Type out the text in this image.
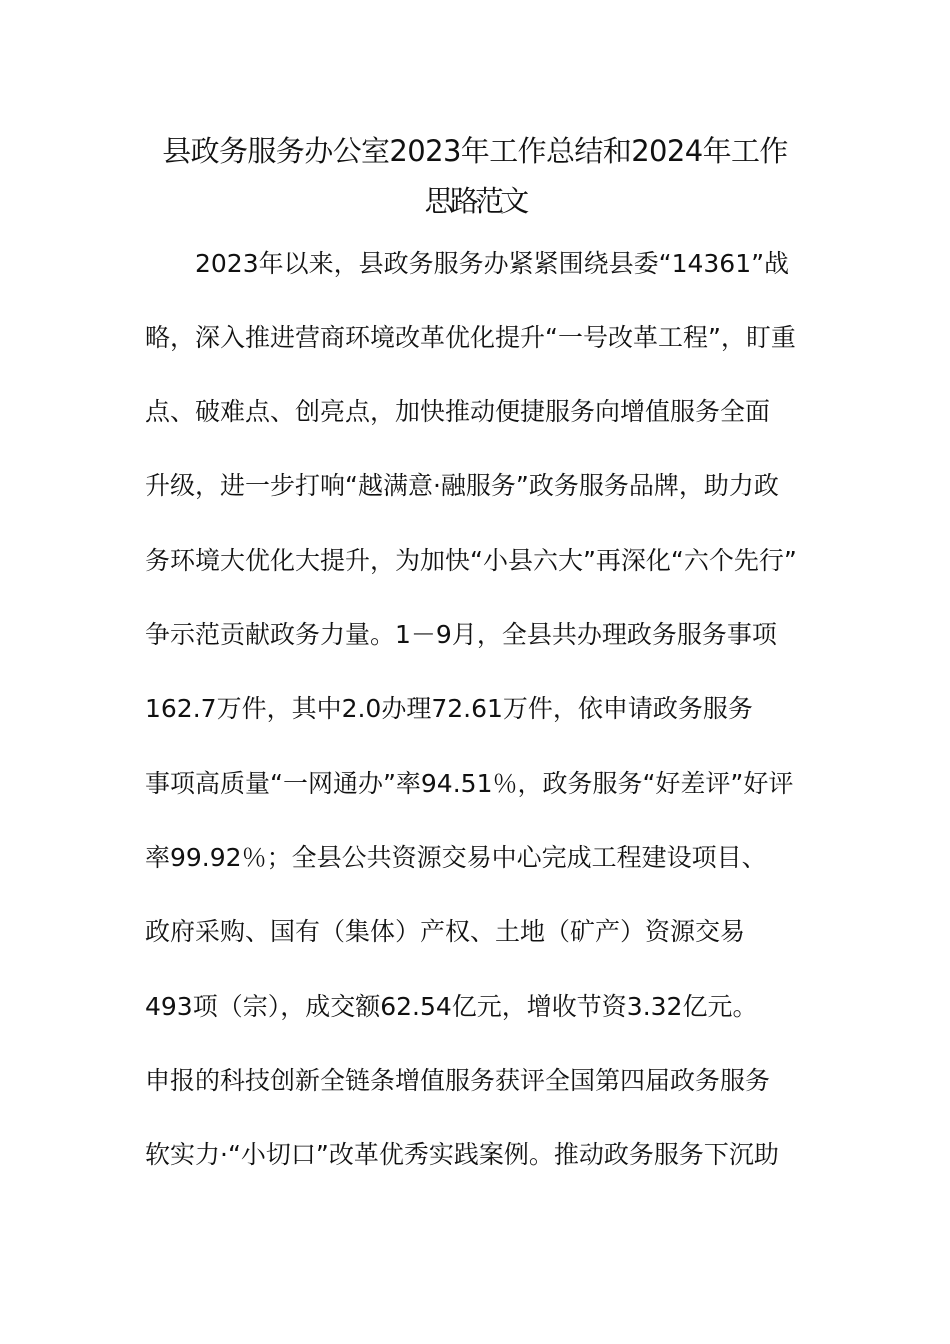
县政务服务办公室2023年工作总结和2024年工作
思路范文
2023年以来，县政务服务办紧紧围绕县委“14361”战
略，深入推进营商环境改革优化提升“一号改革工程”，盯重
点、破难点、创亮点，加快推动便捷服务向增值服务全面
升级，进一步打响“越满意·融服务”政务服务品牌，助力政
务环境大优化大提升，为加快“小县六大”再深化“六个先行”
争示范贡献政务力量。1－9月，全县共办理政务服务事项
162.7万件，其中2.0办理72.61万件，依申请政务服务
事项高质量“一网通办”率94.51％，政务服务“好差评”好评
率99.92％；全县公共资源交易中心完成工程建设项目、
政府采购、国有（集体）产权、土地（矿产）资源交易
493项（宗），成交额62.54亿元，增收节资3.32亿元。
申报的科技创新全链条增值服务获评全国第四届政务服务
软实力·“小切口”改革优秀实践案例。推动政务服务下沉助
